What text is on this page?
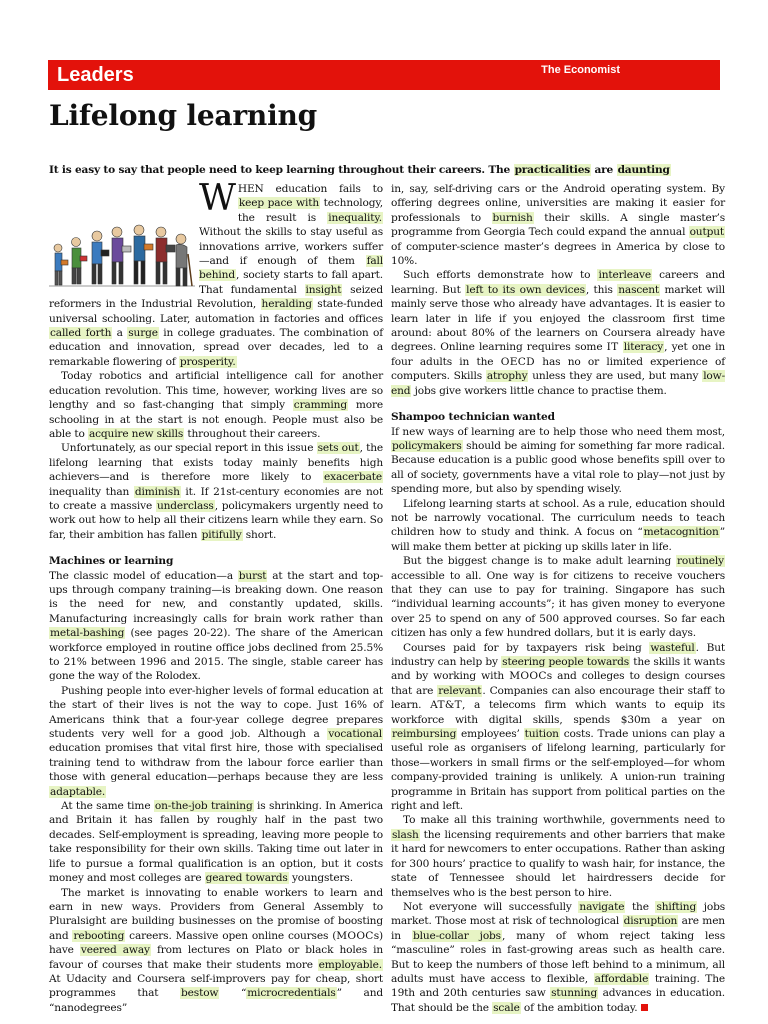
Leaders	The Economist
Lifelong learning
It is easy to say that people need to keep learning throughout their careers. The practicalities are daunting

WHEN education fails to keep pace with technology, the result is inequality. Without the skills to stay useful as innovations arrive, workers suffer—and if enough of them fall behind, society starts to fall apart. That fundamental insight seized reformers in the Industrial Revolution, heralding state-funded universal schooling. Later, automation in factories and offices called forth a surge in college graduates. The combination of education and innovation, spread over decades, led to a remarkable flowering of prosperity.

Today robotics and artificial intelligence call for another education revolution. This time, however, working lives are so lengthy and so fast-changing that simply cramming more schooling in at the start is not enough. People must also be able to acquire new skills throughout their careers.

Unfortunately, as our special report in this issue sets out, the lifelong learning that exists today mainly benefits high achievers—and is therefore more likely to exacerbate inequality than diminish it. If 21st-century economies are not to create a massive underclass, policymakers urgently need to work out how to help all their citizens learn while they earn. So far, their ambition has fallen pitifully short.

Machines or learning

The classic model of education—a burst at the start and top-ups through company training—is breaking down. One reason is the need for new, and constantly updated, skills. Manufacturing increasingly calls for brain work rather than metal-bashing (see pages 20-22). The share of the American workforce employed in routine office jobs declined from 25.5% to 21% between 1996 and 2015. The single, stable career has gone the way of the Rolodex.

Pushing people into ever-higher levels of formal education at the start of their lives is not the way to cope. Just 16% of Americans think that a four-year college degree prepares students very well for a good job. Although a vocational education promises that vital first hire, those with specialised training tend to withdraw from the labour force earlier than those with general education—perhaps because they are less adaptable.

At the same time on-the-job training is shrinking. In America and Britain it has fallen by roughly half in the past two decades. Self-employment is spreading, leaving more people to take responsibility for their own skills. Taking time out later in life to pursue a formal qualification is an option, but it costs money and most colleges are geared towards youngsters.

The market is innovating to enable workers to learn and earn in new ways. Providers from General Assembly to Pluralsight are building businesses on the promise of boosting and rebooting careers. Massive open online courses (MOOCs) have veered away from lectures on Plato or black holes in favour of courses that make their students more employable. At Udacity and Coursera self-improvers pay for cheap, short programmes that bestow “microcredentials” and “nanodegrees”

in, say, self-driving cars or the Android operating system. By offering degrees online, universities are making it easier for professionals to burnish their skills. A single master’s programme from Georgia Tech could expand the annual output of computer-science master’s degrees in America by close to 10%.

Such efforts demonstrate how to interleave careers and learning. But left to its own devices, this nascent market will mainly serve those who already have advantages. It is easier to learn later in life if you enjoyed the classroom first time around: about 80% of the learners on Coursera already have degrees. Online learning requires some IT literacy, yet one in four adults in the OECD has no or limited experience of computers. Skills atrophy unless they are used, but many low-end jobs give workers little chance to practise them.

Shampoo technician wanted

If new ways of learning are to help those who need them most, policymakers should be aiming for something far more radical. Because education is a public good whose benefits spill over to all of society, governments have a vital role to play—not just by spending more, but also by spending wisely.

Lifelong learning starts at school. As a rule, education should not be narrowly vocational. The curriculum needs to teach children how to study and think. A focus on “metacognition” will make them better at picking up skills later in life.

But the biggest change is to make adult learning routinely accessible to all. One way is for citizens to receive vouchers that they can use to pay for training. Singapore has such “individual learning accounts”; it has given money to everyone over 25 to spend on any of 500 approved courses. So far each citizen has only a few hundred dollars, but it is early days.

Courses paid for by taxpayers risk being wasteful. But industry can help by steering people towards the skills it wants and by working with MOOCs and colleges to design courses that are relevant. Companies can also encourage their staff to learn. AT&T, a telecoms firm which wants to equip its workforce with digital skills, spends $30m a year on reimbursing employees’ tuition costs. Trade unions can play a useful role as organisers of lifelong learning, particularly for those—workers in small firms or the self-employed—for whom company-provided training is unlikely. A union-run training programme in Britain has support from political parties on the right and left.

To make all this training worthwhile, governments need to slash the licensing requirements and other barriers that make it hard for newcomers to enter occupations. Rather than asking for 300 hours’ practice to qualify to wash hair, for instance, the state of Tennessee should let hairdressers decide for themselves who is the best person to hire.

Not everyone will successfully navigate the shifting jobs market. Those most at risk of technological disruption are men in blue-collar jobs, many of whom reject taking less “masculine” roles in fast-growing areas such as health care. But to keep the numbers of those left behind to a minimum, all adults must have access to flexible, affordable training. The 19th and 20th centuries saw stunning advances in education. That should be the scale of the ambition today.
